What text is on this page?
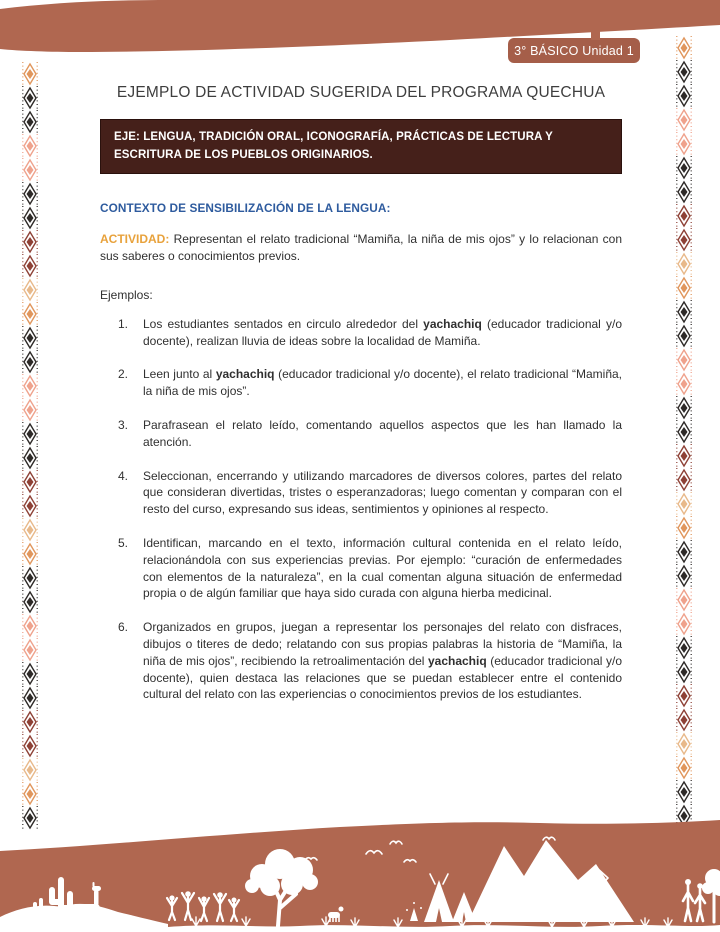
3° BÁSICO Unidad 1
EJEMPLO DE ACTIVIDAD SUGERIDA DEL PROGRAMA QUECHUA
EJE: LENGUA, TRADICIÓN ORAL, ICONOGRAFÍA, PRÁCTICAS DE LECTURA Y ESCRITURA DE LOS PUEBLOS ORIGINARIOS.

CONTEXTO DE SENSIBILIZACIÓN DE LA LENGUA:

ACTIVIDAD: Representan el relato tradicional “Mamiña, la niña de mis ojos” y lo relacionan con sus saberes o conocimientos previos.

Ejemplos:

1.	Los estudiantes sentados en circulo alrededor del yachachiq (educador tradicional y/o docente), realizan lluvia de ideas sobre la localidad de Mamiña.
2.	Leen junto al yachachiq (educador tradicional y/o docente), el relato tradicional “Mamiña, la niña de mis ojos”.
3.	Parafrasean el relato leído, comentando aquellos aspectos que les han llamado la atención.
4.	Seleccionan, encerrando y utilizando marcadores de diversos colores, partes del relato que consideran divertidas, tristes o esperanzadoras; luego comentan y comparan con el resto del curso, expresando sus ideas, sentimientos y opiniones al respecto.
5.	Identifican, marcando en el texto, información cultural contenida en el relato leído, relacionándola con sus experiencias previas. Por ejemplo: “curación de enfermedades con elementos de la naturaleza”, en la cual comentan alguna situación de enfermedad propia o de algún familiar que haya sido curada con alguna hierba medicinal.
6.	Organizados en grupos, juegan a representar los personajes del relato con disfraces, dibujos o titeres de dedo; relatando con sus propias palabras la historia de “Mamiña, la niña de mis ojos”, recibiendo la retroalimentación del yachachiq (educador tradicional y/o docente), quien destaca las relaciones que se puedan establecer entre el contenido cultural del relato con las experiencias o conocimientos previos de los estudiantes.
